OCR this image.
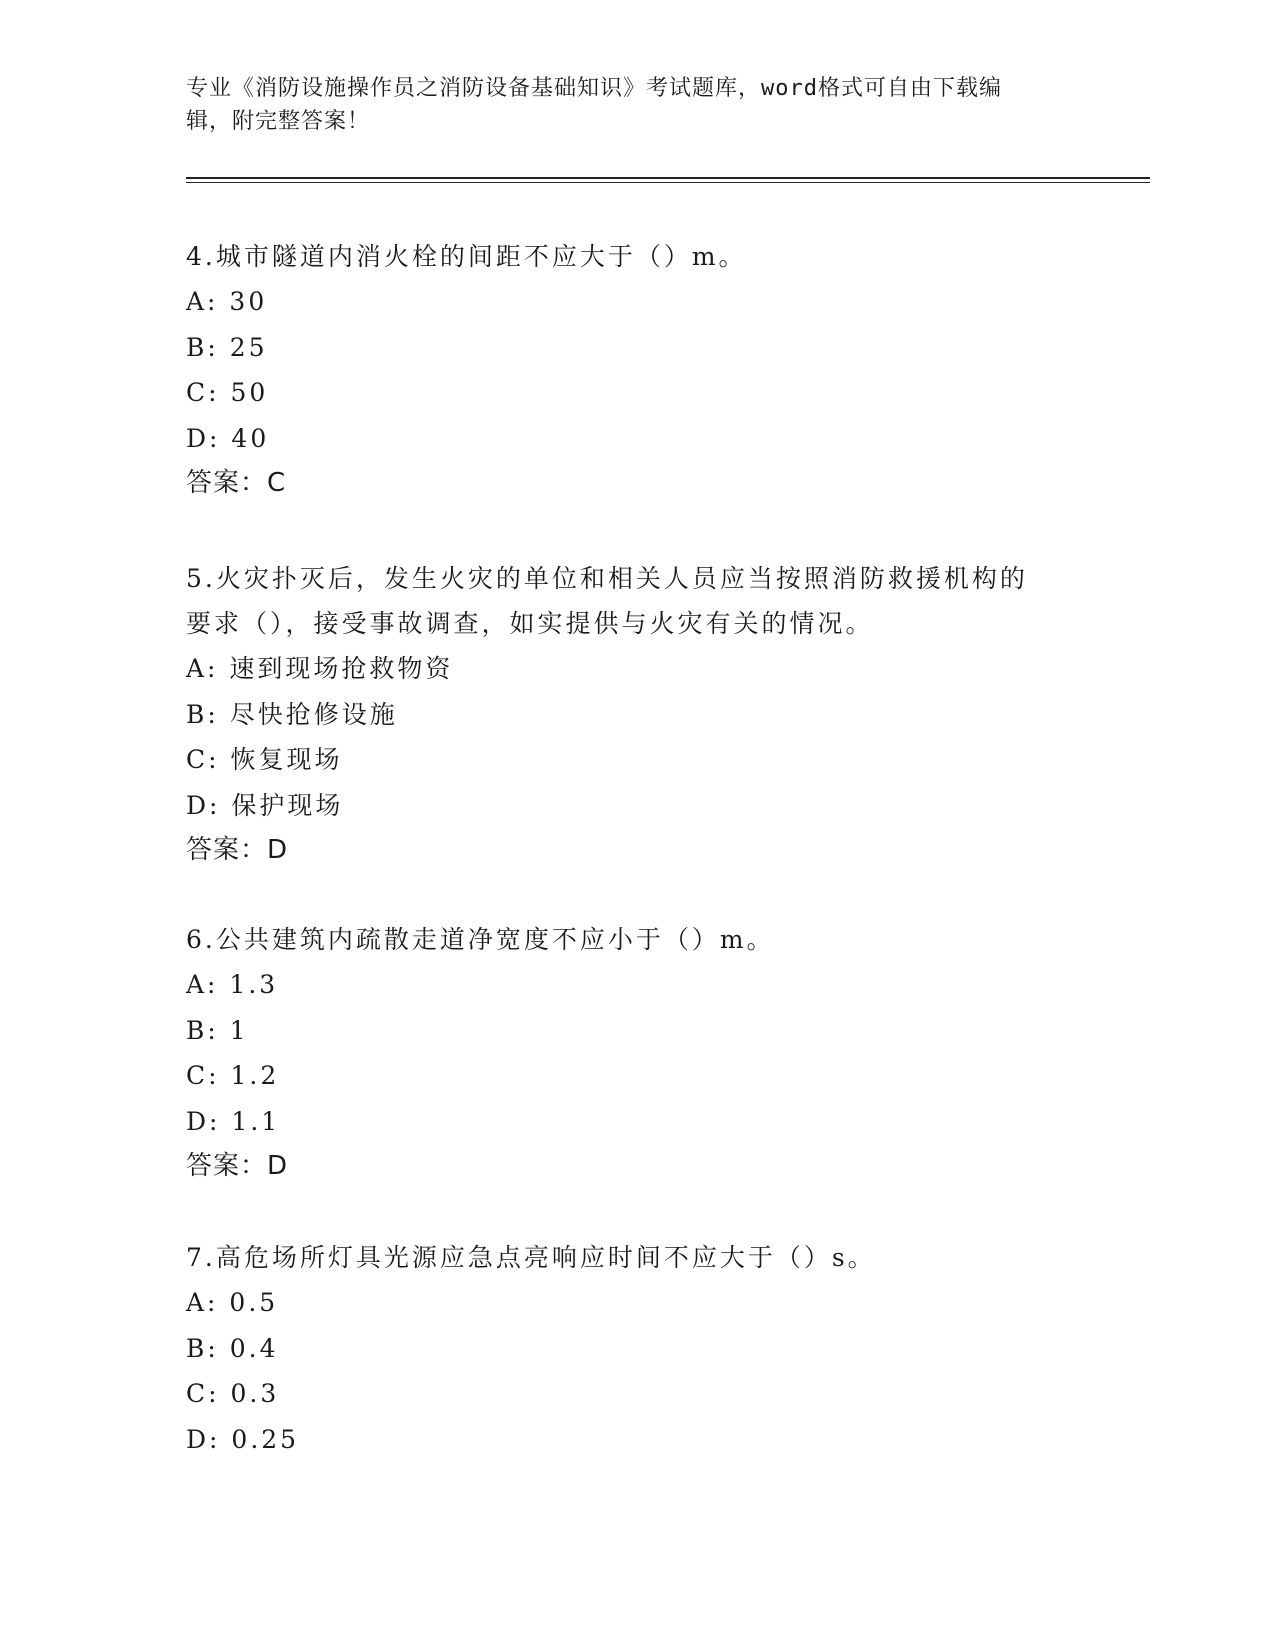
专业《消防设施操作员之消防设备基础知识》考试题库，word格式可自由下载编
辑，附完整答案！

4.城市隧道内消火栓的间距不应大于（）m。

A: 30

B: 25

C: 50

D: 40

答案：C

5.火灾扑灭后，发生火灾的单位和相关人员应当按照消防救援机构的

要求（），接受事故调查，如实提供与火灾有关的情况。

A: 速到现场抢救物资

B: 尽快抢修设施

C: 恢复现场

D: 保护现场

答案：D

6.公共建筑内疏散走道净宽度不应小于（）m。

A: 1.3

B: 1

C: 1.2

D: 1.1

答案：D

7.高危场所灯具光源应急点亮响应时间不应大于（）s。

A: 0.5

B: 0.4

C: 0.3

D: 0.25
